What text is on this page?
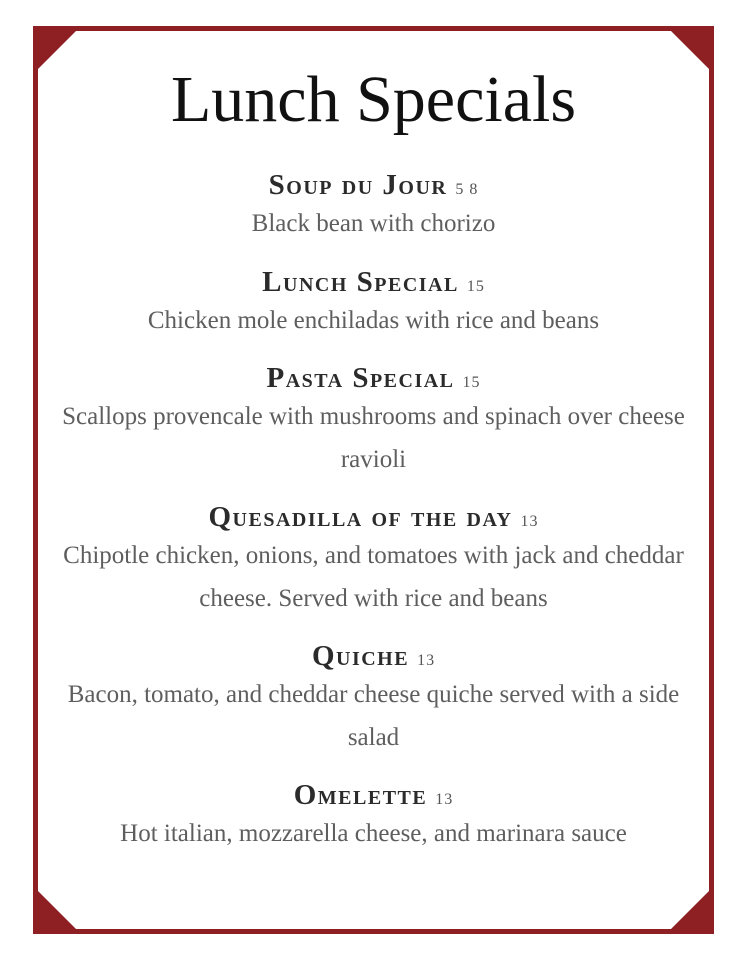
Lunch Specials
Soup du Jour 5 8
Black bean with chorizo
Lunch Special 15
Chicken mole enchiladas with rice and beans
Pasta Special 15
Scallops provencale with mushrooms and spinach over cheese ravioli
Quesadilla of the day 13
Chipotle chicken, onions, and tomatoes with jack and cheddar cheese. Served with rice and beans
Quiche 13
Bacon, tomato, and cheddar cheese quiche served with a side salad
Omelette 13
Hot italian, mozzarella cheese, and marinara sauce
